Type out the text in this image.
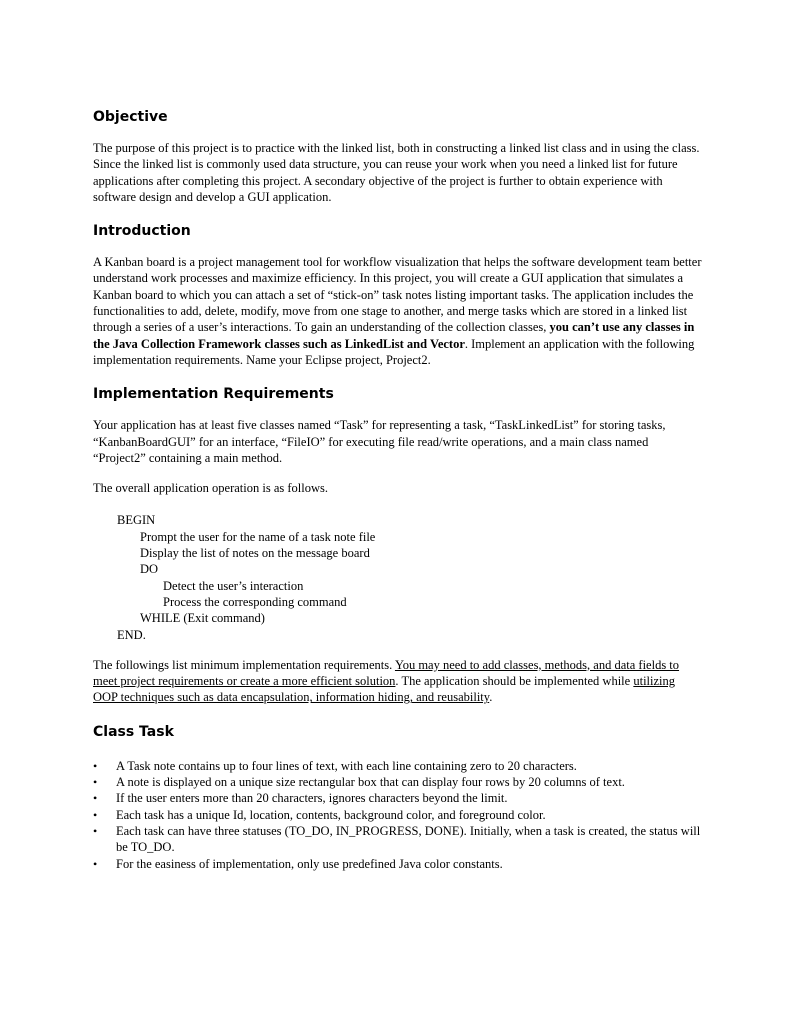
Objective

The purpose of this project is to practice with the linked list, both in constructing a linked list class and in using the class. Since the linked list is commonly used data structure, you can reuse your work when you need a linked list for future applications after completing this project. A secondary objective of the project is further to obtain experience with software design and develop a GUI application.

Introduction

A Kanban board is a project management tool for workflow visualization that helps the software development team better understand work processes and maximize efficiency. In this project, you will create a GUI application that simulates a Kanban board to which you can attach a set of “stick-on” task notes listing important tasks. The application includes the functionalities to add, delete, modify, move from one stage to another, and merge tasks which are stored in a linked list through a series of a user’s interactions. To gain an understanding of the collection classes, you can’t use any classes in the Java Collection Framework classes such as LinkedList and Vector. Implement an application with the following implementation requirements. Name your Eclipse project, Project2.

Implementation Requirements

Your application has at least five classes named “Task” for representing a task, “TaskLinkedList” for storing tasks, “KanbanBoardGUI” for an interface, “FileIO” for executing file read/write operations, and a main class named “Project2” containing a main method.

The overall application operation is as follows.

BEGIN
Prompt the user for the name of a task note file
Display the list of notes on the message board
DO
Detect the user’s interaction
Process the corresponding command
WHILE (Exit command)
END.

The followings list minimum implementation requirements. You may need to add classes, methods, and data fields to meet project requirements or create a more efficient solution. The application should be implemented while utilizing OOP techniques such as data encapsulation, information hiding, and reusability.

Class Task
• A Task note contains up to four lines of text, with each line containing zero to 20 characters.
• A note is displayed on a unique size rectangular box that can display four rows by 20 columns of text.
• If the user enters more than 20 characters, ignores characters beyond the limit.
• Each task has a unique Id, location, contents, background color, and foreground color.
• Each task can have three statuses (TO_DO, IN_PROGRESS, DONE). Initially, when a task is created, the status will be TO_DO.
• For the easiness of implementation, only use predefined Java color constants.
